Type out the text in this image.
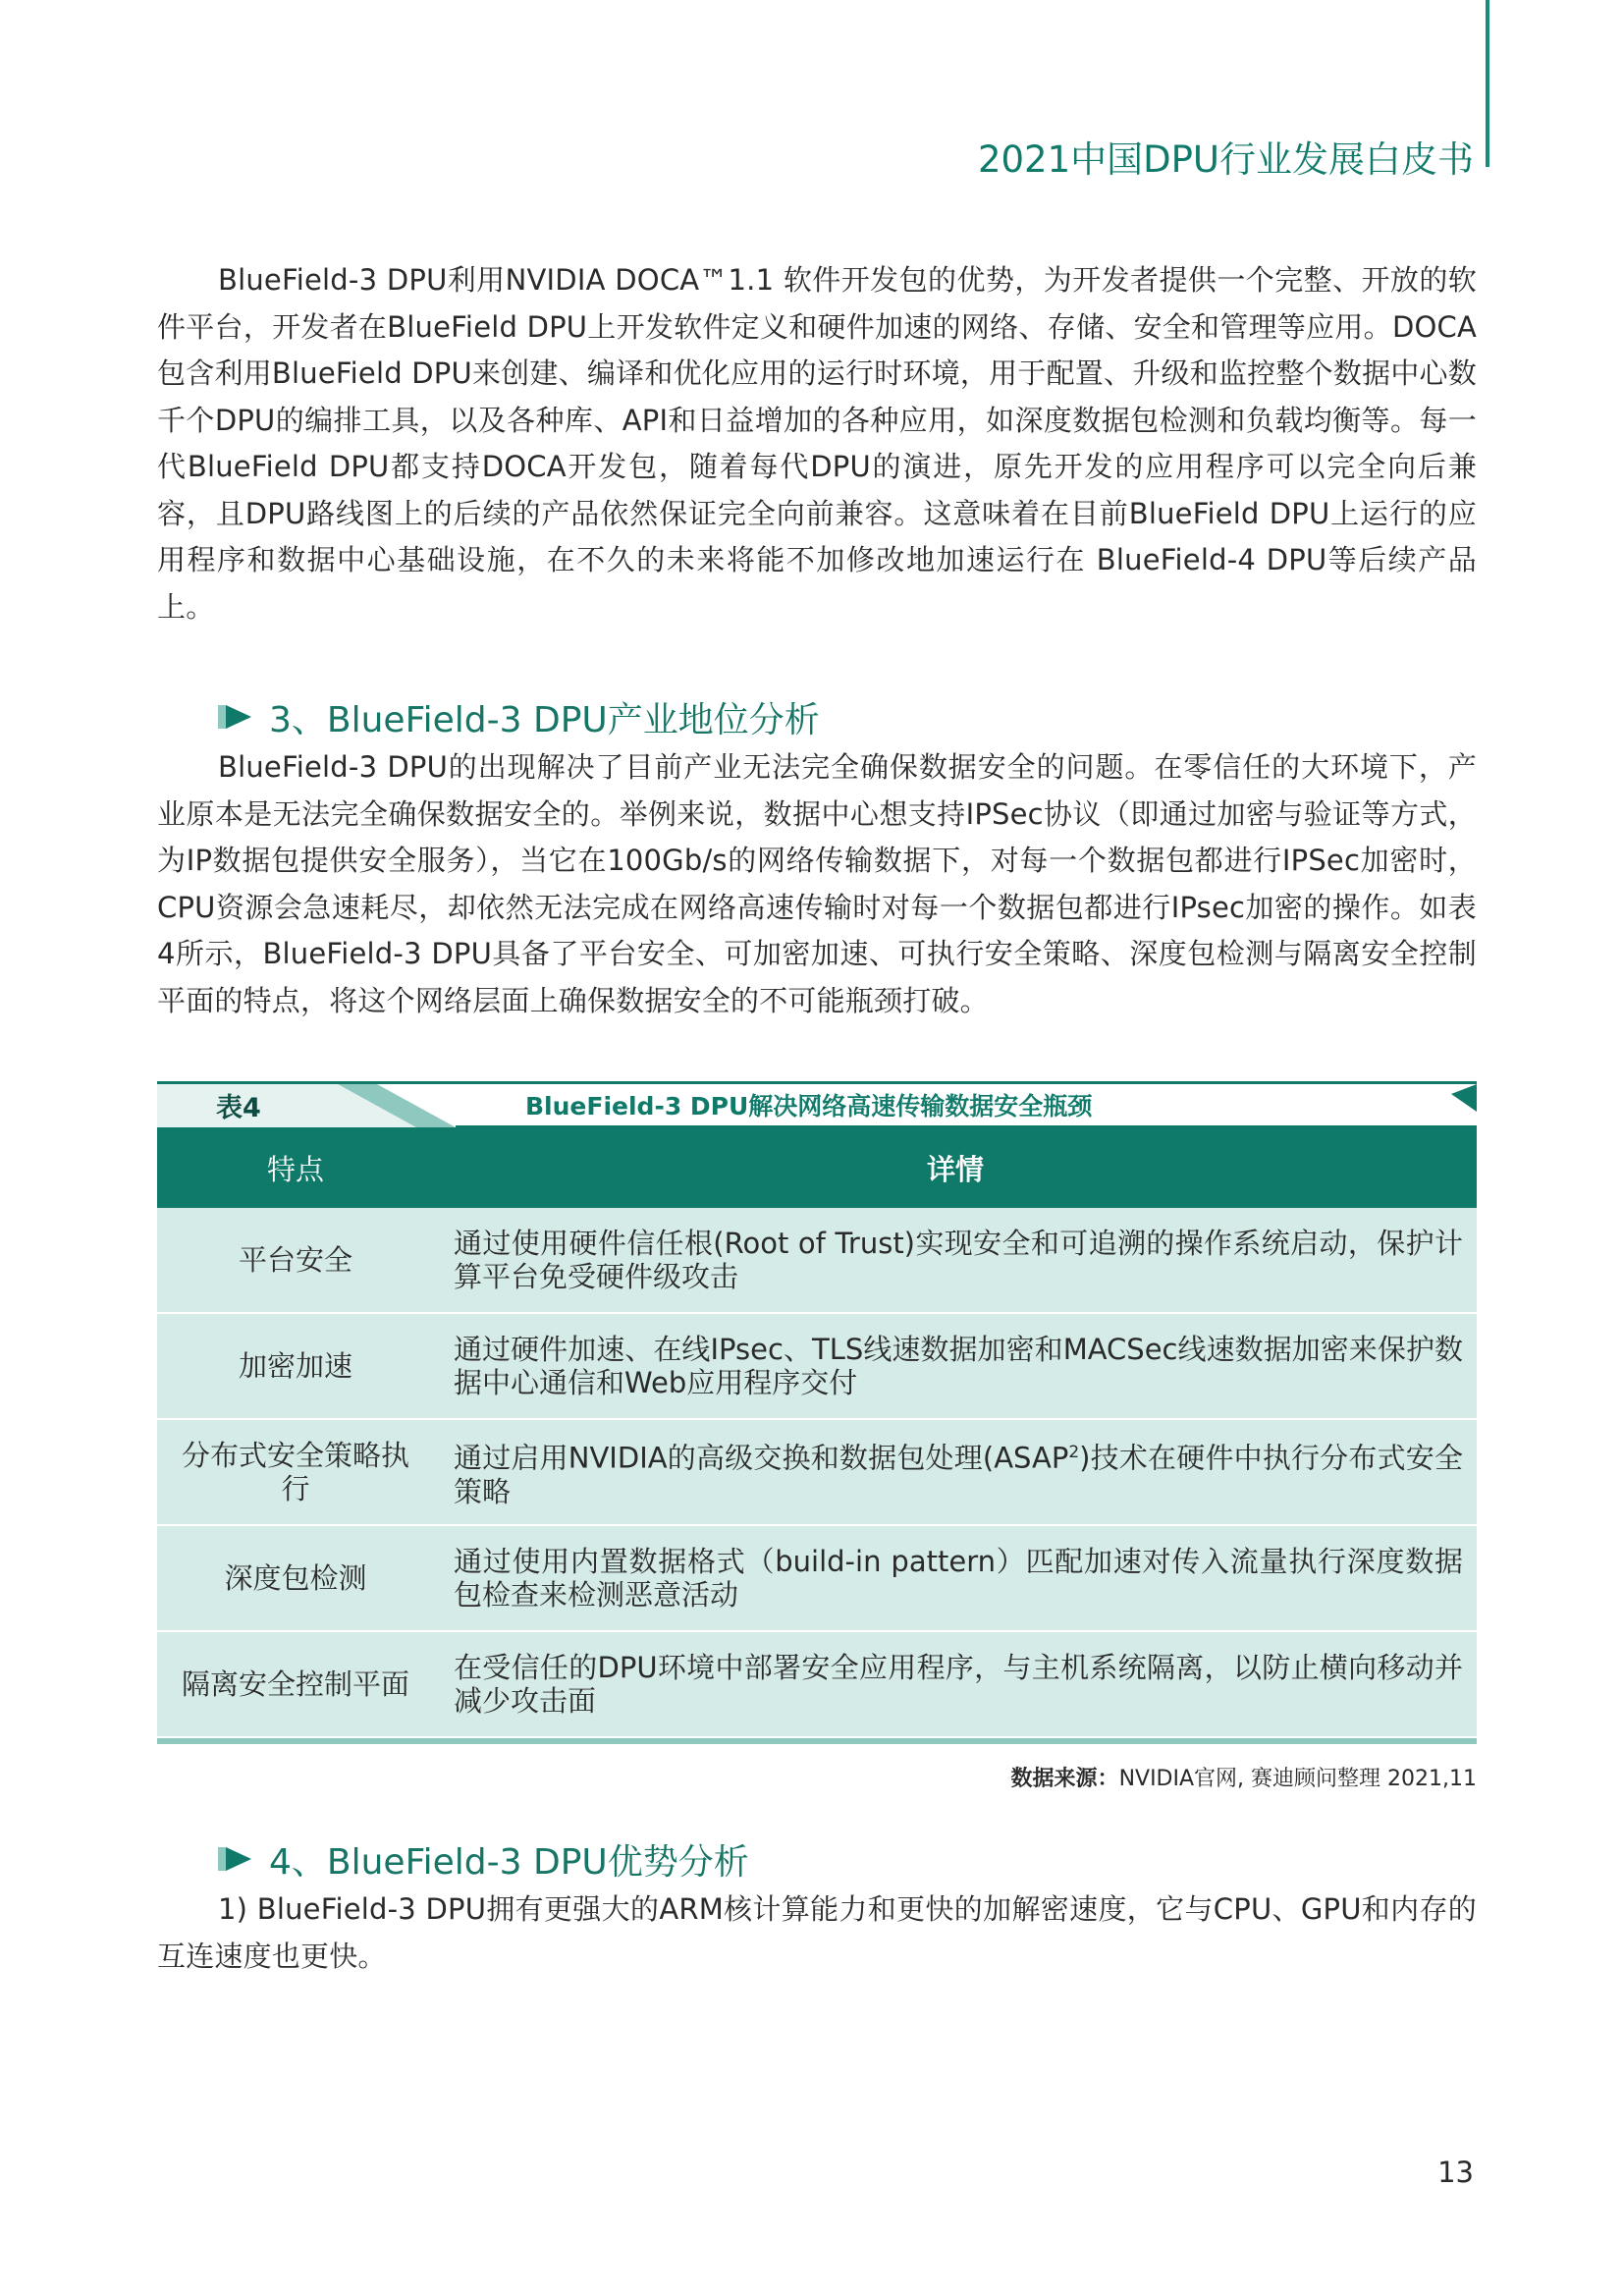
2021中国DPU行业发展白皮书

BlueField-3 DPU利用NVIDIA DOCA™1.1 软件开发包的优势，为开发者提供一个完整、开放的软件平台，开发者在BlueField DPU上开发软件定义和硬件加速的网络、存储、安全和管理等应用。DOCA包含利用BlueField DPU来创建、编译和优化应用的运行时环境，用于配置、升级和监控整个数据中心数千个DPU的编排工具，以及各种库、API和日益增加的各种应用，如深度数据包检测和负载均衡等。每一代BlueField DPU都支持DOCA开发包，随着每代DPU的演进，原先开发的应用程序可以完全向后兼容，且DPU路线图上的后续的产品依然保证完全向前兼容。这意味着在目前BlueField DPU上运行的应用程序和数据中心基础设施，在不久的未来将能不加修改地加速运行在 BlueField-4 DPU等后续产品上。

3、BlueField-3 DPU产业地位分析

BlueField-3 DPU的出现解决了目前产业无法完全确保数据安全的问题。在零信任的大环境下，产业原本是无法完全确保数据安全的。举例来说，数据中心想支持IPSec协议（即通过加密与验证等方式，为IP数据包提供安全服务），当它在100Gb/s的网络传输数据下，对每一个数据包都进行IPSec加密时，CPU资源会急速耗尽，却依然无法完成在网络高速传输时对每一个数据包都进行IPsec加密的操作。如表4所示，BlueField-3 DPU具备了平台安全、可加密加速、可执行安全策略、深度包检测与隔离安全控制平面的特点，将这个网络层面上确保数据安全的不可能瓶颈打破。

表4	BlueField-3 DPU解决网络高速传输数据安全瓶颈
特点	详情
平台安全	通过使用硬件信任根(Root of Trust)实现安全和可追溯的操作系统启动，保护计算平台免受硬件级攻击
加密加速	通过硬件加速、在线IPsec、TLS线速数据加密和MACSec线速数据加密来保护数据中心通信和Web应用程序交付
分布式安全策略执行	通过启用NVIDIA的高级交换和数据包处理(ASAP$^2$)技术在硬件中执行分布式安全策略
深度包检测	通过使用内置数据格式（build-in pattern）匹配加速对传入流量执行深度数据包检查来检测恶意活动
隔离安全控制平面	在受信任的DPU环境中部署安全应用程序，与主机系统隔离，以防止横向移动并减少攻击面
数据来源：NVIDIA官网, 赛迪顾问整理 2021,11
4、BlueField-3 DPU优势分析

1) BlueField-3 DPU拥有更强大的ARM核计算能力和更快的加解密速度，它与CPU、GPU和内存的互连速度也更快。

13
